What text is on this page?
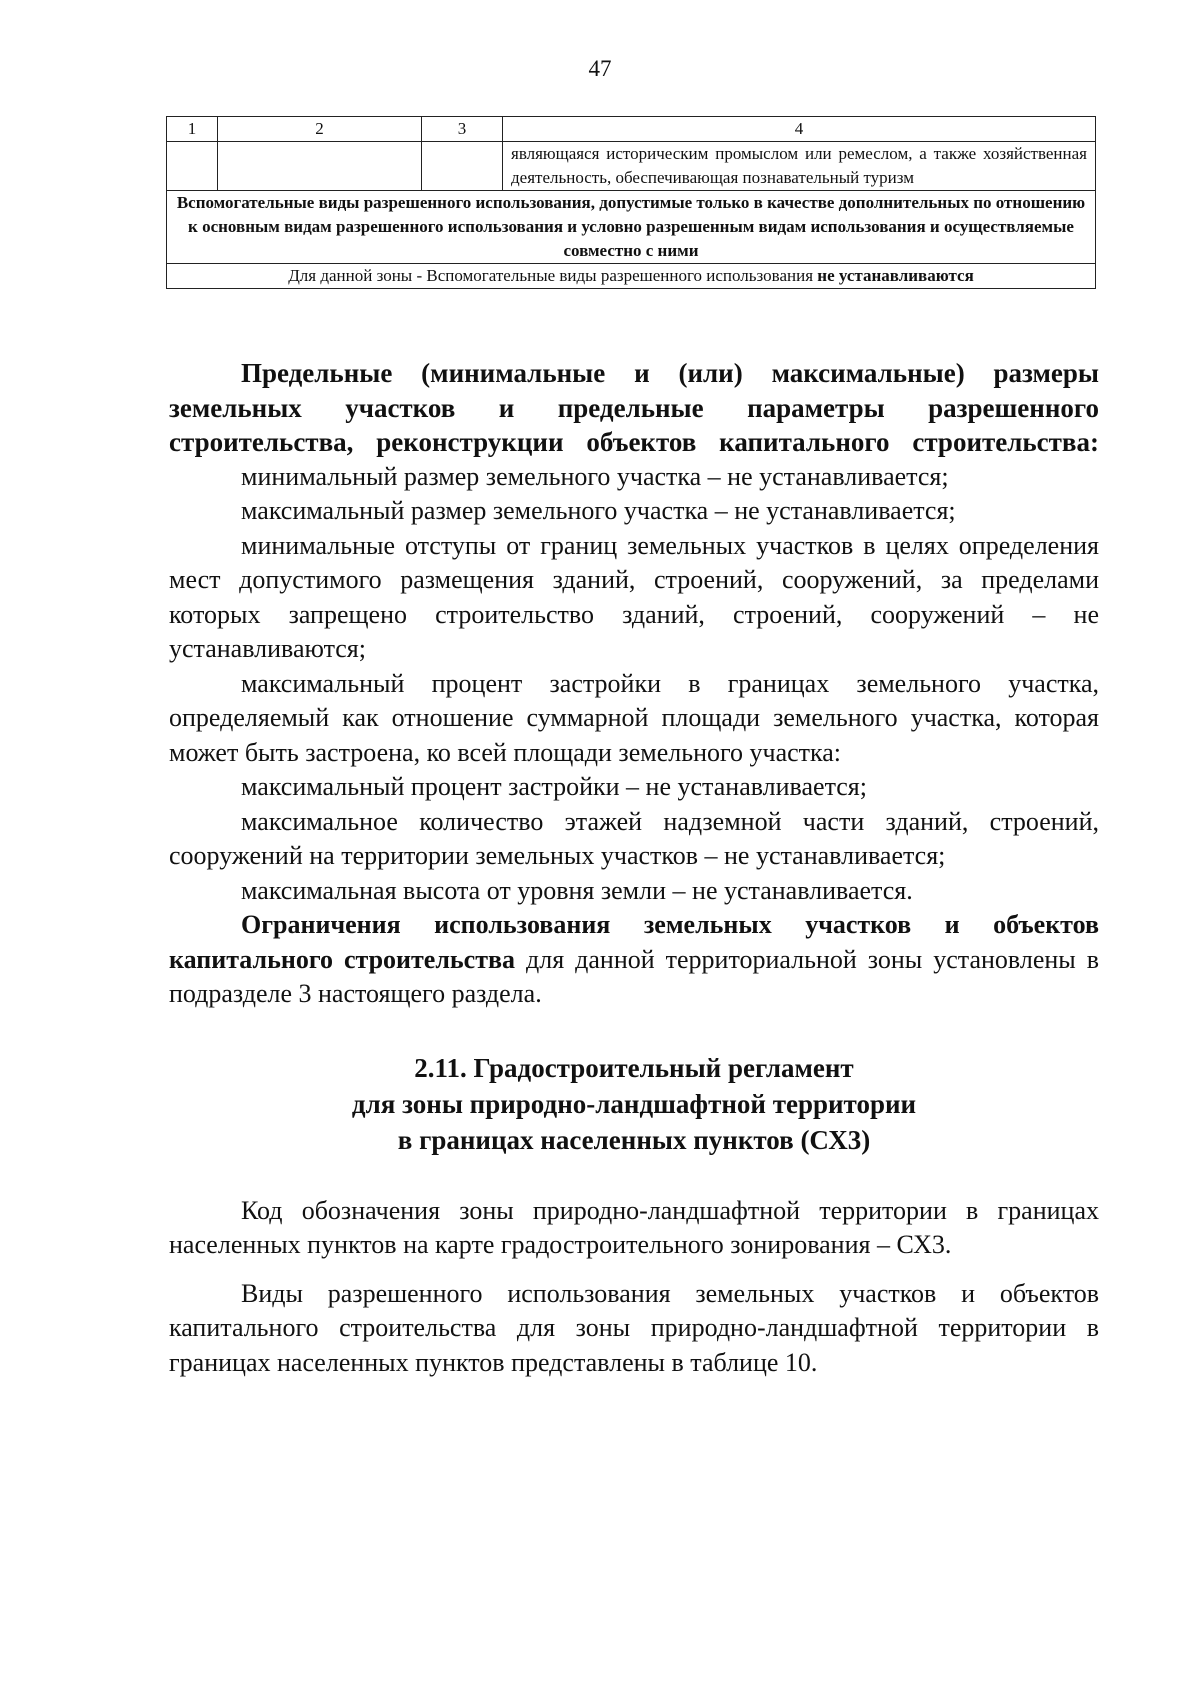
47
1	2	3	4
			являющаяся историческим промыслом или ремеслом, а также хозяйственная деятельность, обеспечивающая познавательный туризм
Вспомогательные виды разрешенного использования, допустимые только в качестве дополнительных по отношению к основным видам разрешенного использования и условно разрешенным видам использования и осуществляемые совместно с ними			
Для данной зоны - Вспомогательные виды разрешенного использования не устанавливаются			

Предельные (минимальные и (или) максимальные) размеры земельных участков и предельные параметры разрешенного строительства, реконструкции объектов капитального строительства:

минимальный размер земельного участка – не устанавливается;

максимальный размер земельного участка – не устанавливается;

минимальные отступы от границ земельных участков в целях определения мест допустимого размещения зданий, строений, сооружений, за пределами которых запрещено строительство зданий, строений, сооружений – не устанавливаются;

максимальный процент застройки в границах земельного участка, определяемый как отношение суммарной площади земельного участка, которая может быть застроена, ко всей площади земельного участка:

максимальный процент застройки – не устанавливается;

максимальное количество этажей надземной части зданий, строений, сооружений на территории земельных участков – не устанавливается;

максимальная высота от уровня земли – не устанавливается.

Ограничения использования земельных участков и объектов капитального строительства для данной территориальной зоны установлены в подразделе 3 настоящего раздела.

2.11. Градостроительный регламент
для зоны природно-ландшафтной территории
в границах населенных пунктов (СХ3)

Код обозначения зоны природно-ландшафтной территории в границах населенных пунктов на карте градостроительного зонирования – СХ3.

Виды разрешенного использования земельных участков и объектов капитального строительства для зоны природно-ландшафтной территории в границах населенных пунктов представлены в таблице 10.
